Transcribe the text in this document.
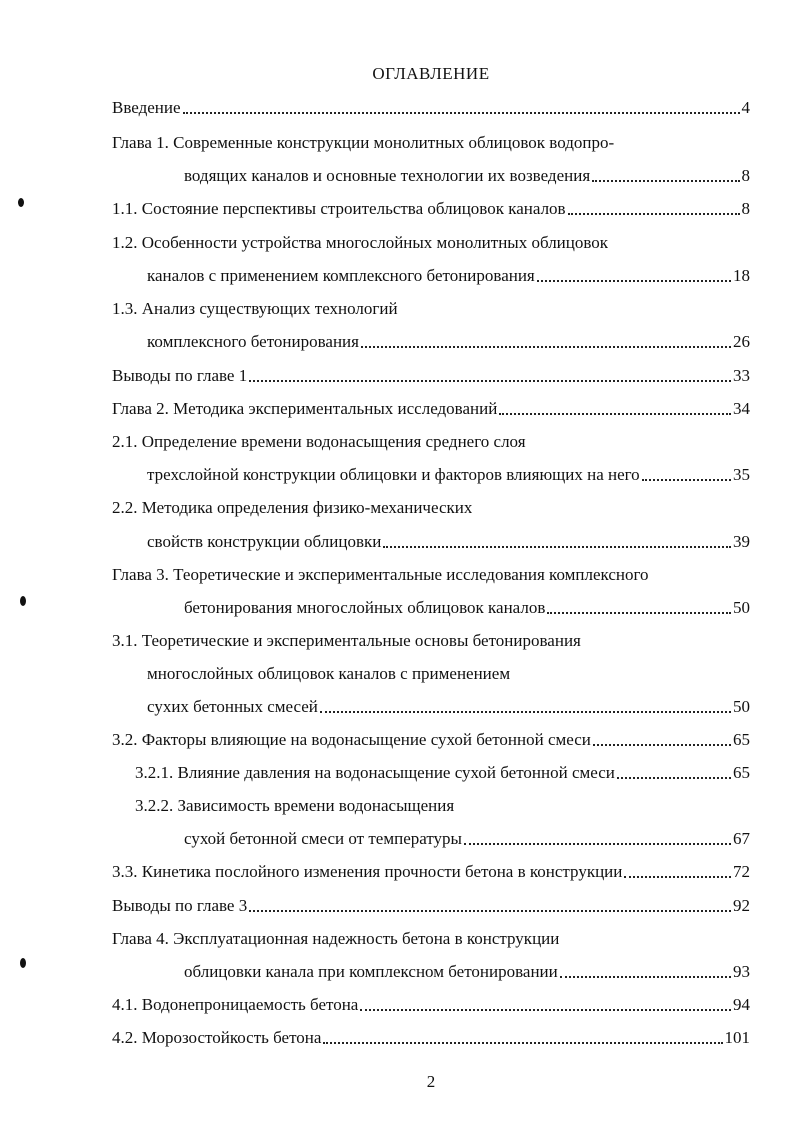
ОГЛАВЛЕНИЕ
Введение	4
Глава 1. Современные конструкции монолитных облицовок водопро-
водящих каналов и основные технологии их возведения	8
1.1. Состояние перспективы строительства облицовок каналов	8
1.2. Особенности устройства многослойных монолитных облицовок
каналов с применением комплексного бетонирования	18
1.3. Анализ существующих технологий
комплексного бетонирования	26
Выводы по главе 1	33
Глава 2. Методика экспериментальных исследований	34
2.1. Определение времени водонасыщения среднего слоя
трехслойной конструкции облицовки и факторов влияющих на него	35
2.2. Методика определения физико-механических
свойств конструкции облицовки	39
Глава 3. Теоретические и экспериментальные исследования комплексного
бетонирования многослойных облицовок каналов	50
3.1. Теоретические и экспериментальные основы бетонирования
многослойных облицовок каналов с применением
сухих бетонных смесей	50
3.2. Факторы влияющие на водонасыщение сухой бетонной смеси	65
3.2.1. Влияние давления на водонасыщение сухой бетонной смеси	65
3.2.2. Зависимость времени водонасыщения
сухой бетонной смеси от температуры	67
3.3. Кинетика послойного изменения прочности бетона в конструкции	72
Выводы по главе 3	92
Глава 4. Эксплуатационная надежность бетона в конструкции
облицовки канала при комплексном бетонировании	93
4.1. Водонепроницаемость бетона	94
4.2. Морозостойкость бетона	101
2
